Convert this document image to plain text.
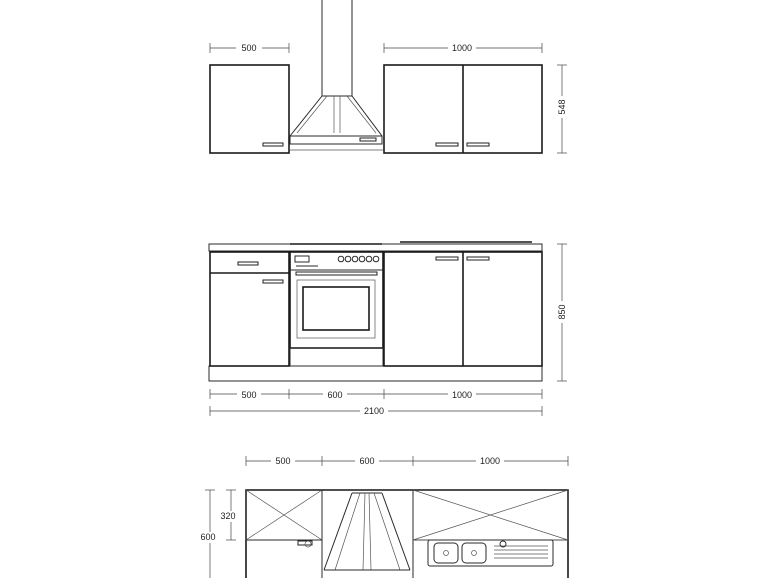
500	1000
548
500	600	1000
2100
850
500	600	1000
320
600
